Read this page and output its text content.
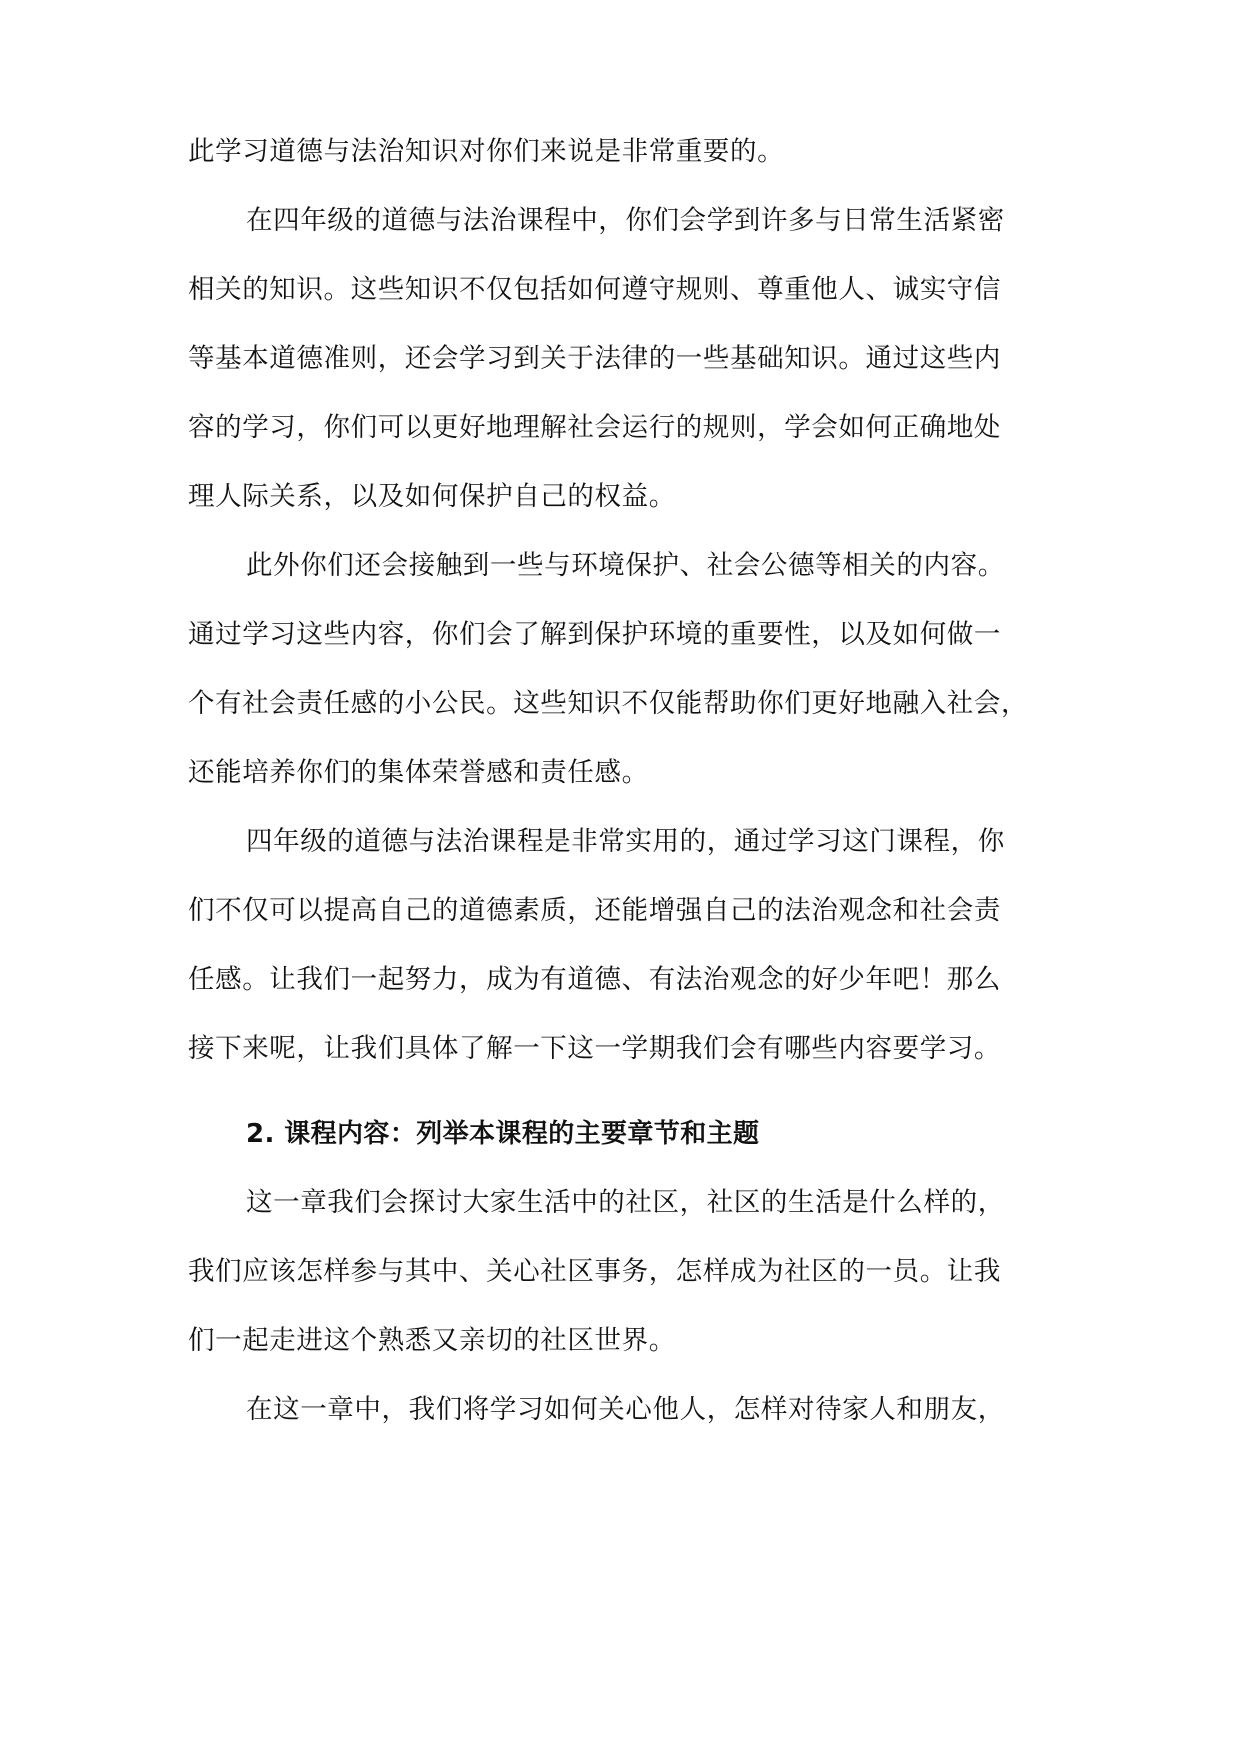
此学习道德与法治知识对你们来说是非常重要的。
在四年级的道德与法治课程中，你们会学到许多与日常生活紧密
相关的知识。这些知识不仅包括如何遵守规则、尊重他人、诚实守信
等基本道德准则，还会学习到关于法律的一些基础知识。通过这些内
容的学习，你们可以更好地理解社会运行的规则，学会如何正确地处
理人际关系，以及如何保护自己的权益。
此外你们还会接触到一些与环境保护、社会公德等相关的内容。
通过学习这些内容，你们会了解到保护环境的重要性，以及如何做一
个有社会责任感的小公民。这些知识不仅能帮助你们更好地融入社会，
还能培养你们的集体荣誉感和责任感。
四年级的道德与法治课程是非常实用的，通过学习这门课程，你
们不仅可以提高自己的道德素质，还能增强自己的法治观念和社会责
任感。让我们一起努力，成为有道德、有法治观念的好少年吧！那么
接下来呢，让我们具体了解一下这一学期我们会有哪些内容要学习。
2. 课程内容：列举本课程的主要章节和主题
这一章我们会探讨大家生活中的社区，社区的生活是什么样的，
我们应该怎样参与其中、关心社区事务，怎样成为社区的一员。让我
们一起走进这个熟悉又亲切的社区世界。
在这一章中，我们将学习如何关心他人，怎样对待家人和朋友，
